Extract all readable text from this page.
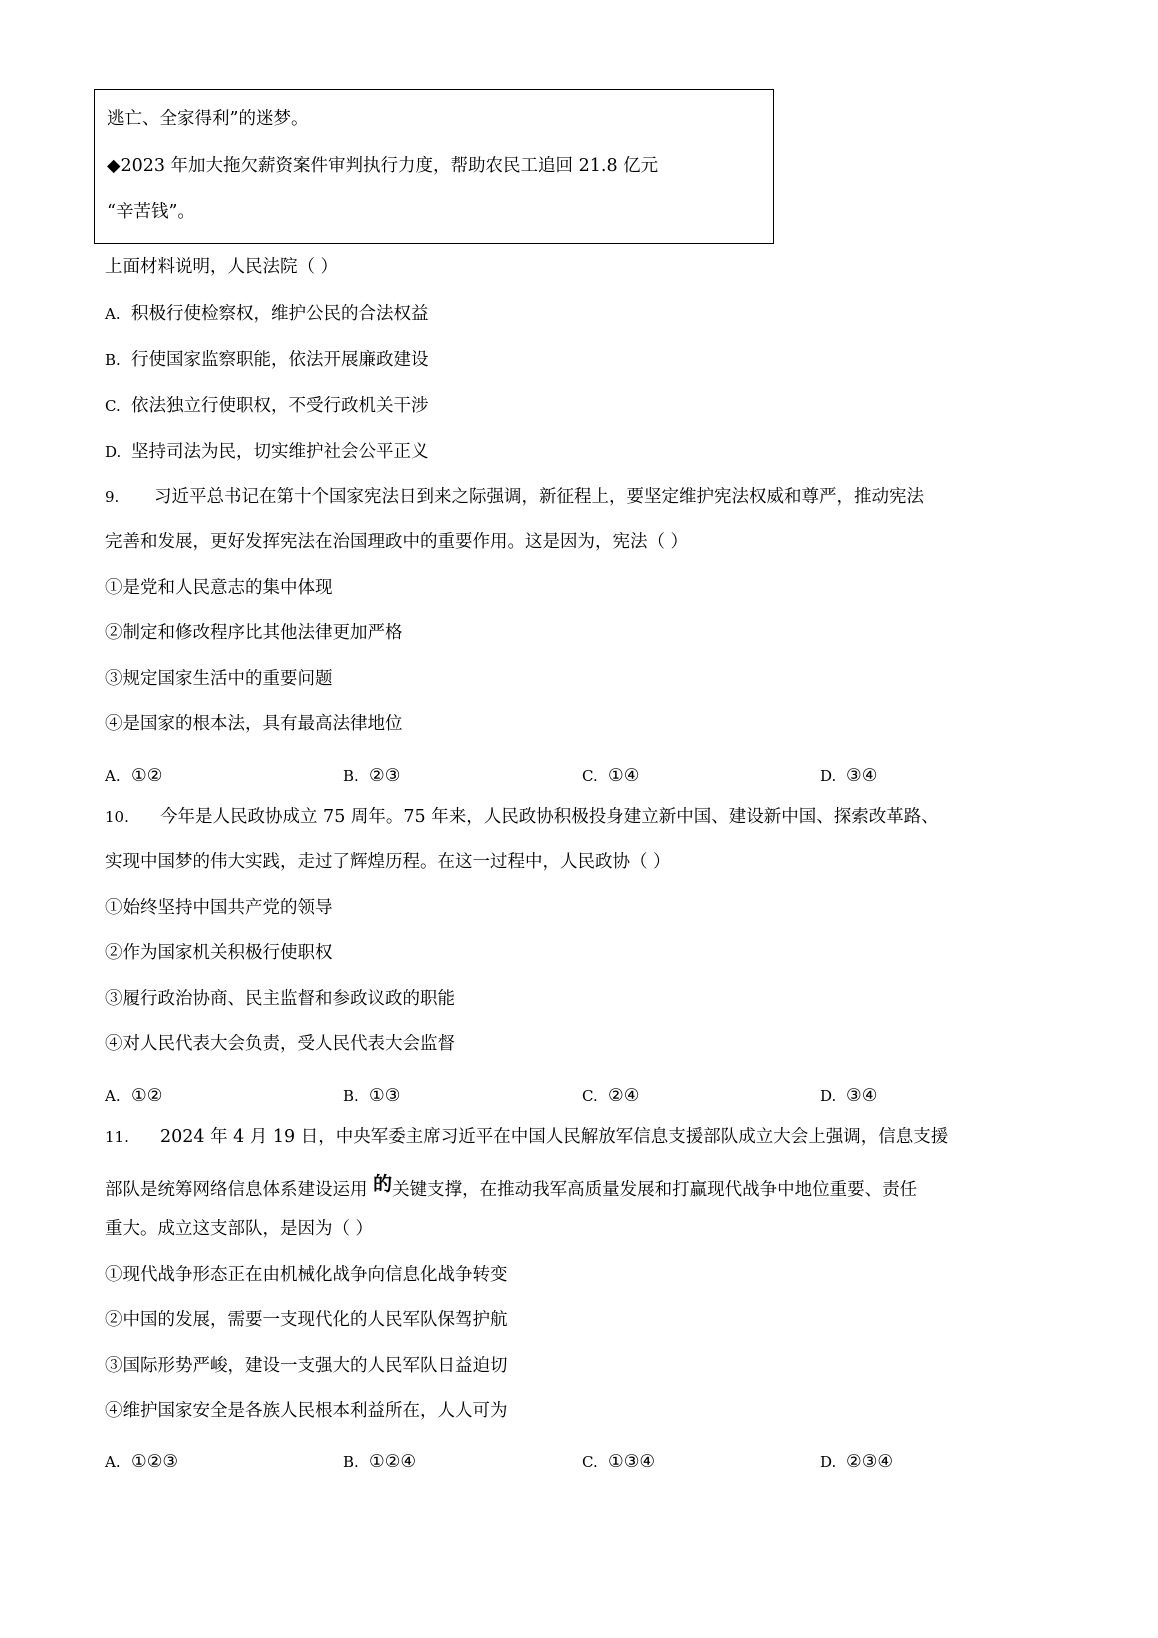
逃亡、全家得利”的迷梦。
◆2023 年加大拖欠薪资案件审判执行力度，帮助农民工追回 21.8 亿元
“辛苦钱”。
上面材料说明，人民法院（ ）
A. 积极行使检察权，维护公民的合法权益
B. 行使国家监察职能，依法开展廉政建设
C. 依法独立行使职权，不受行政机关干涉
D. 坚持司法为民，切实维护社会公平正义
9. 习近平总书记在第十个国家宪法日到来之际强调，新征程上，要坚定维护宪法权威和尊严，推动宪法
完善和发展，更好发挥宪法在治国理政中的重要作用。这是因为，宪法（ ）
①是党和人民意志的集中体现
②制定和修改程序比其他法律更加严格
③规定国家生活中的重要问题
④是国家的根本法，具有最高法律地位
A. ①②	B. ②③	C. ①④	D. ③④
10. 今年是人民政协成立 75 周年。75 年来，人民政协积极投身建立新中国、建设新中国、探索改革路、
实现中国梦的伟大实践，走过了辉煌历程。在这一过程中，人民政协（ ）
①始终坚持中国共产党的领导
②作为国家机关积极行使职权
③履行政治协商、民主监督和参政议政的职能
④对人民代表大会负责，受人民代表大会监督
A. ①②	B. ①③	C. ②④	D. ③④
11. 2024 年 4 月 19 日，中央军委主席习近平在中国人民解放军信息支援部队成立大会上强调，信息支援
部队是统筹网络信息体系建设运用 的关键支撑，在推动我军高质量发展和打赢现代战争中地位重要、责任
重大。成立这支部队，是因为（ ）
①现代战争形态正在由机械化战争向信息化战争转变
②中国的发展，需要一支现代化的人民军队保驾护航
③国际形势严峻，建设一支强大的人民军队日益迫切
④维护国家安全是各族人民根本利益所在，人人可为
A. ①②③	B. ①②④	C. ①③④	D. ②③④
